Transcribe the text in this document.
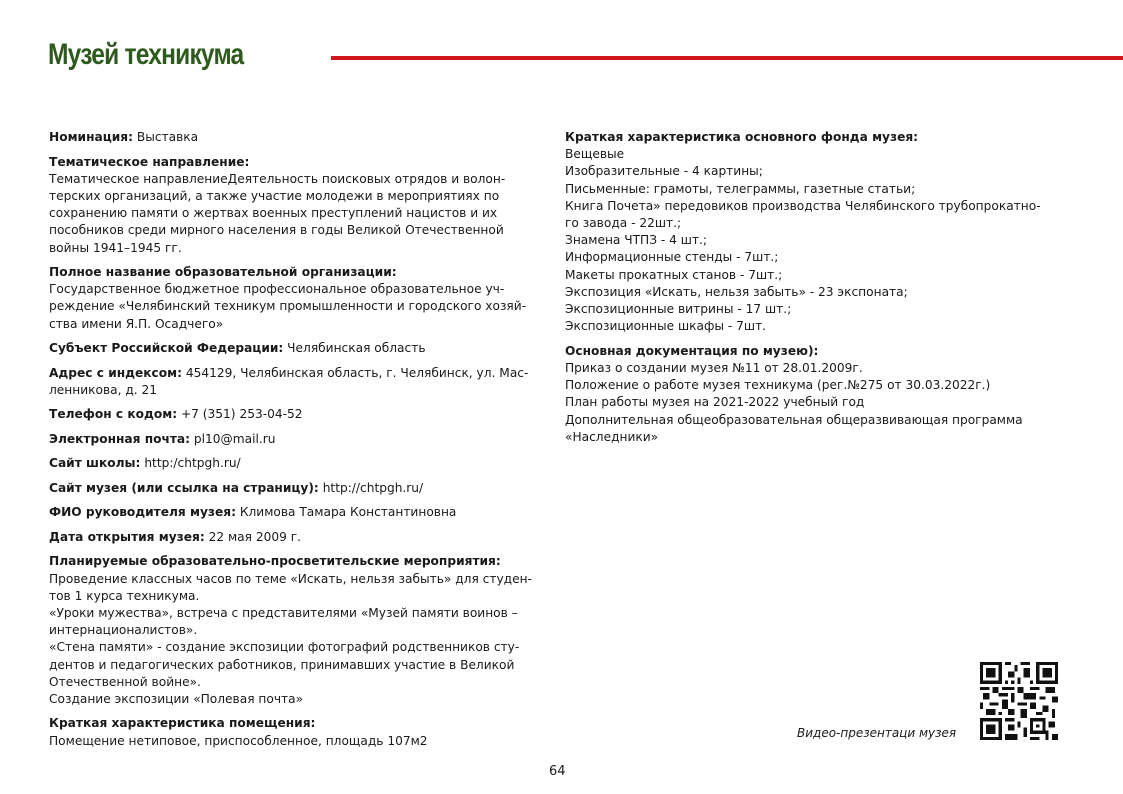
Музей техникума
Номинация: Выставка
Тематическое направление:
Тематическое направлениеДеятельность поисковых отрядов и волон-
терских организаций, а также участие молодежи в мероприятиях по
сохранению памяти о жертвах военных преступлений нацистов и их
пособников среди мирного населения в годы Великой Отечественной
войны 1941–1945 гг.
Полное название образовательной организации:
Государственное бюджетное профессиональное образовательное уч-
реждение «Челябинский техникум промышленности и городского хозяй-
ства имени Я.П. Осадчего»
Субъект Российской Федерации: Челябинская область
Адрес с индексом: 454129, Челябинская область, г. Челябинск, ул. Мас-
ленникова, д. 21
Телефон с кодом: +7 (351) 253-04-52
Электронная почта: pl10@mail.ru
Сайт школы: http:/chtpgh.ru/
Сайт музея (или ссылка на страницу): http://chtpgh.ru/
ФИО руководителя музея: Климова Тамара Константиновна
Дата открытия музея: 22 мая 2009 г.
Планируемые образовательно-просветительские мероприятия:
Проведение классных часов по теме «Искать, нельзя забыть» для студен-
тов 1 курса техникума.
«Уроки мужества», встреча с представителями «Музей памяти воинов –
интернационалистов».
«Стена памяти» - создание экспозиции фотографий родственников сту-
дентов и педагогических работников, принимавших участие в Великой
Отечественной войне».
Создание экспозиции «Полевая почта»
Краткая характеристика помещения:
Помещение нетиповое, приспособленное, площадь 107м2
Краткая характеристика основного фонда музея:
Вещевые
Изобразительные - 4 картины;
Письменные: грамоты, телеграммы, газетные статьи;
Книга Почета» передовиков производства Челябинского трубопрокатно-
го завода - 22шт.;
Знамена ЧТПЗ - 4 шт.;
Информационные стенды - 7шт.;
Макеты прокатных станов - 7шт.;
Экспозиция «Искать, нельзя забыть» - 23 экспоната;
Экспозиционные витрины - 17 шт.;
Экспозиционные шкафы - 7шт.
Основная документация по музею):
Приказ о создании музея №11 от 28.01.2009г.
Положение о работе музея техникума (рег.№275 от 30.03.2022г.)
План работы музея на 2021-2022 учебный год
Дополнительная общеобразовательная общеразвивающая программа
«Наследники»
Видео-презентаци музея
64
